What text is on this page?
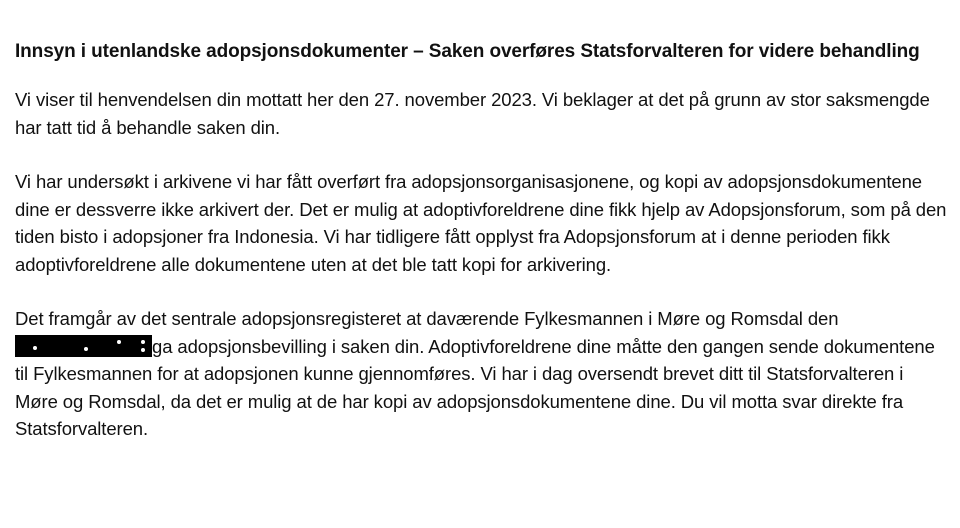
Innsyn i utenlandske adopsjonsdokumenter – Saken overføres Statsforvalteren for videre behandling

Vi viser til henvendelsen din mottatt her den 27. november 2023. Vi beklager at det på grunn av stor saksmengde har tatt tid å behandle saken din.

Vi har undersøkt i arkivene vi har fått overført fra adopsjonsorganisasjonene, og kopi av adopsjonsdokumentene dine er dessverre ikke arkivert der. Det er mulig at adoptivforeldrene dine fikk hjelp av Adopsjonsforum, som på den tiden bisto i adopsjoner fra Indonesia. Vi har tidligere fått opplyst fra Adopsjonsforum at i denne perioden fikk adoptivforeldrene alle dokumentene uten at det ble tatt kopi for arkivering.

Det framgår av det sentrale adopsjonsregisteret at daværende Fylkesmannen i Møre og Romsdal den
ga adopsjonsbevilling i saken din. Adoptivforeldrene dine måtte den gangen sende dokumentene til Fylkesmannen for at adopsjonen kunne gjennomføres. Vi har i dag oversendt brevet ditt til Statsforvalteren i Møre og Romsdal, da det er mulig at de har kopi av adopsjonsdokumentene dine. Du vil motta svar direkte fra Statsforvalteren.
